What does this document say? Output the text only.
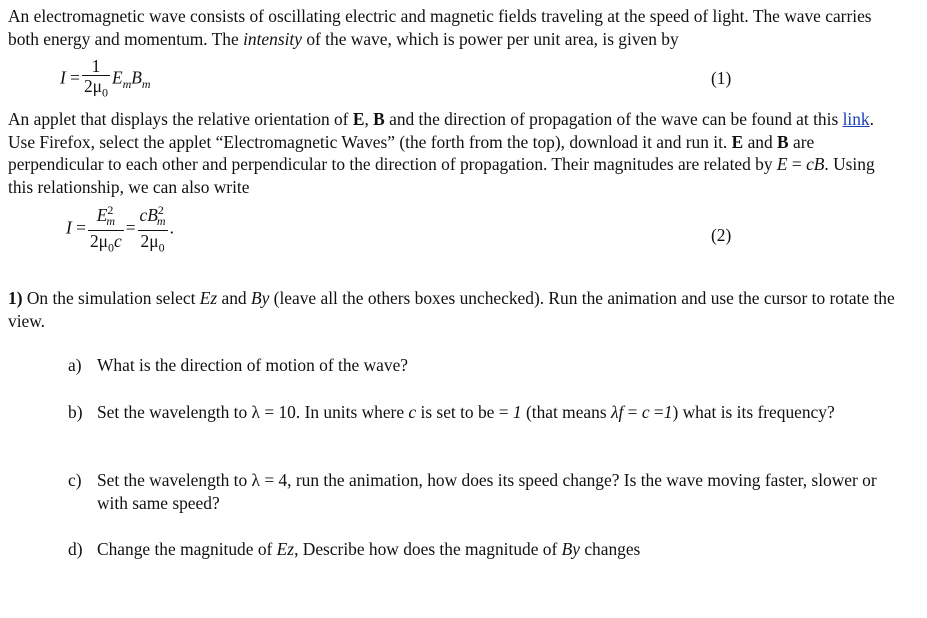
An electromagnetic wave consists of oscillating electric and magnetic fields traveling at the speed of light. The wave carries both energy and momentum. The intensity of the wave, which is power per unit area, is given by

$I = \frac{1}{2\mu_0} E_mB_m$	(1)

An applet that displays the relative orientation of E, B and the direction of propagation of the wave can be found at this link. Use Firefox, select the applet “Electromagnetic Waves” (the forth from the top), download it and run it. E and B are perpendicular to each other and perpendicular to the direction of propagation. Their magnitudes are related by E = cB. Using this relationship, we can also write

$I = \frac{E^2_m}{2\mu_0c} = \frac{cB^2_m}{2\mu_0}$ .	(2)

1) On the simulation select Ez and By (leave all the others boxes unchecked). Run the animation and use the cursor to rotate the view.

a) What is the direction of motion of the wave?
b) Set the wavelength to λ = 10. In units where c is set to be = 1 (that means λf = c =1) what is its frequency?
c) Set the wavelength to λ = 4, run the animation, how does its speed change? Is the wave moving faster, slower or with same speed?
d) Change the magnitude of Ez, Describe how does the magnitude of By changes
